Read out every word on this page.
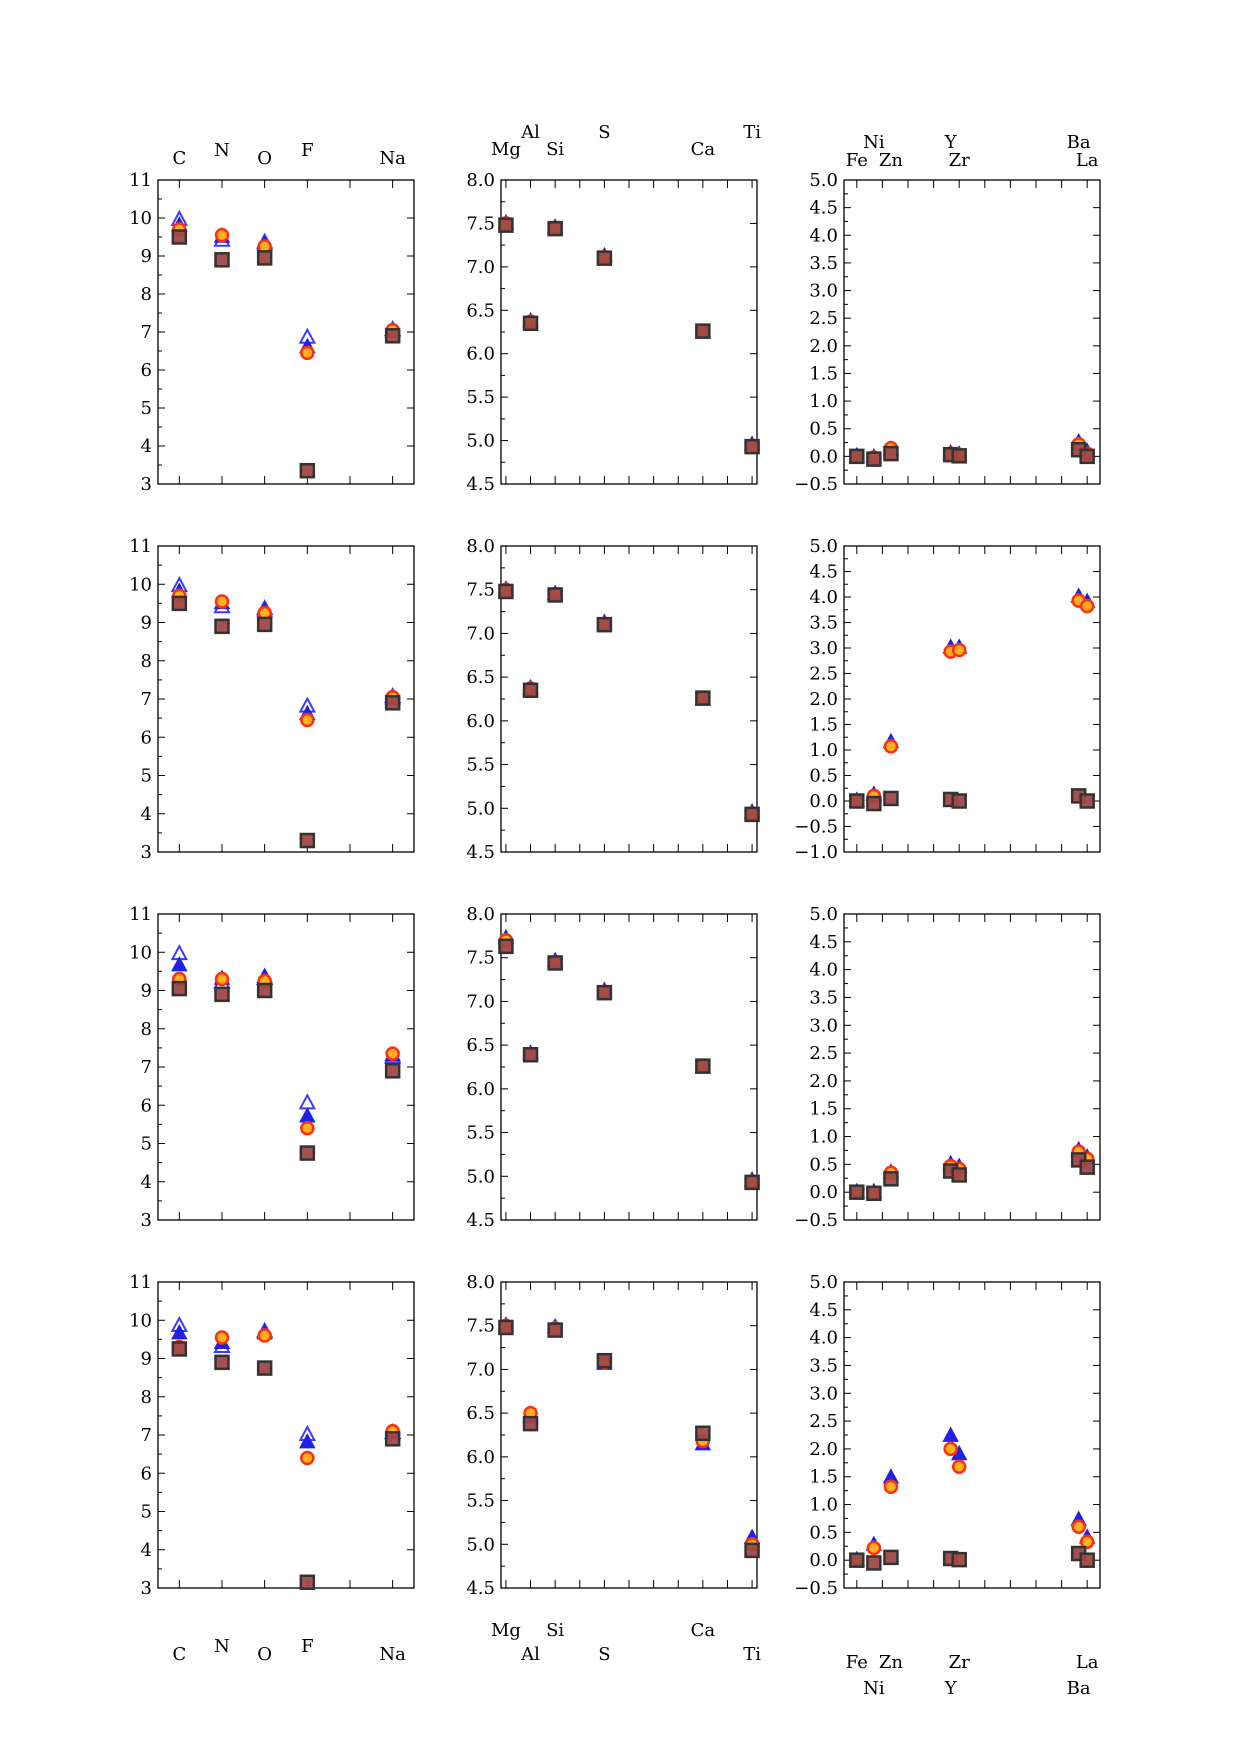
3
4
5
6
7
8
9
10
11
4.5
5.0
5.5
6.0
6.5
7.0
7.5
8.0
−0.5
0.0
0.5
1.0
1.5
2.0
2.5
3.0
3.5
4.0
4.5
5.0
3
4
5
6
7
8
9
10
11
4.5
5.0
5.5
6.0
6.5
7.0
7.5
8.0
−1.0
−0.5
0.0
0.5
1.0
1.5
2.0
2.5
3.0
3.5
4.0
4.5
5.0
3
4
5
6
7
8
9
10
11
4.5
5.0
5.5
6.0
6.5
7.0
7.5
8.0
−0.5
0.0
0.5
1.0
1.5
2.0
2.5
3.0
3.5
4.0
4.5
5.0
3
4
5
6
7
8
9
10
11
4.5
5.0
5.5
6.0
6.5
7.0
7.5
8.0
−0.5
0.0
0.5
1.0
1.5
2.0
2.5
3.0
3.5
4.0
4.5
5.0
C N O F	Na	Mg
Al
Si
S
Ca
Ti	Ni
Fe Zn
Y
Zr
Ba
La
C N O F	Na
Mg Si	Ca
Al	S	Ti	Fe Zn	Zr	La
Ni	Y	Ba
